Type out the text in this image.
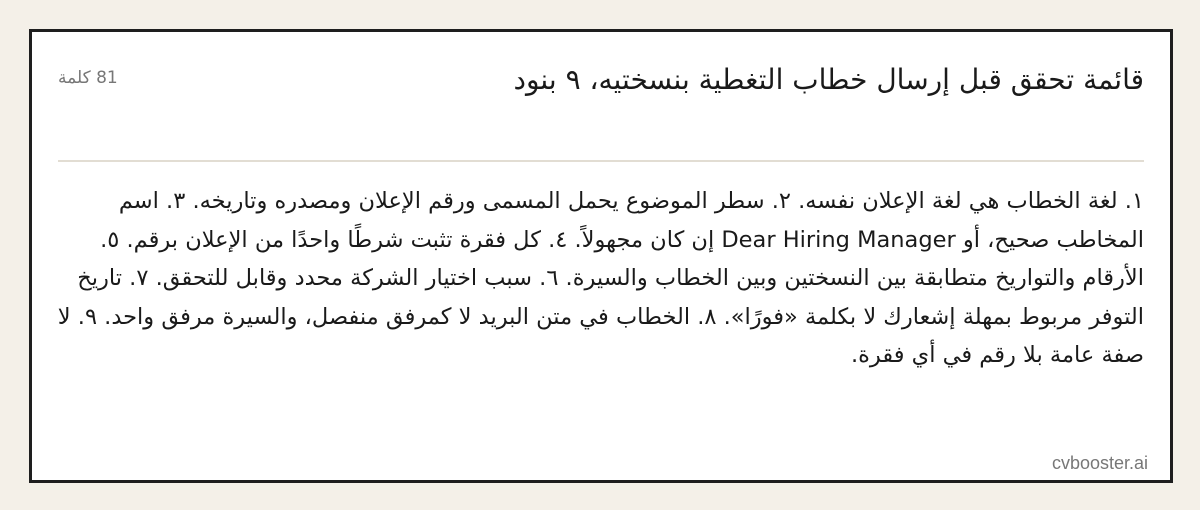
قائمة تحقق قبل إرسال خطاب التغطية بنسختيه، ٩ بنود
81 كلمة

١. لغة الخطاب هي لغة الإعلان نفسه. ٢. سطر الموضوع يحمل المسمى ورقم الإعلان ومصدره وتاريخه. ٣. اسم المخاطب صحيح، أو Dear Hiring Manager إن كان مجهولاً. ٤. كل فقرة تثبت شرطًا واحدًا من الإعلان برقم. ٥. الأرقام والتواريخ متطابقة بين النسختين وبين الخطاب والسيرة. ٦. سبب اختيار الشركة محدد وقابل للتحقق. ٧. تاريخ التوفر مربوط بمهلة إشعارك لا بكلمة «فورًا». ٨. الخطاب في متن البريد لا كمرفق منفصل، والسيرة مرفق واحد. ٩. لا صفة عامة بلا رقم في أي فقرة.

cvbooster.ai
